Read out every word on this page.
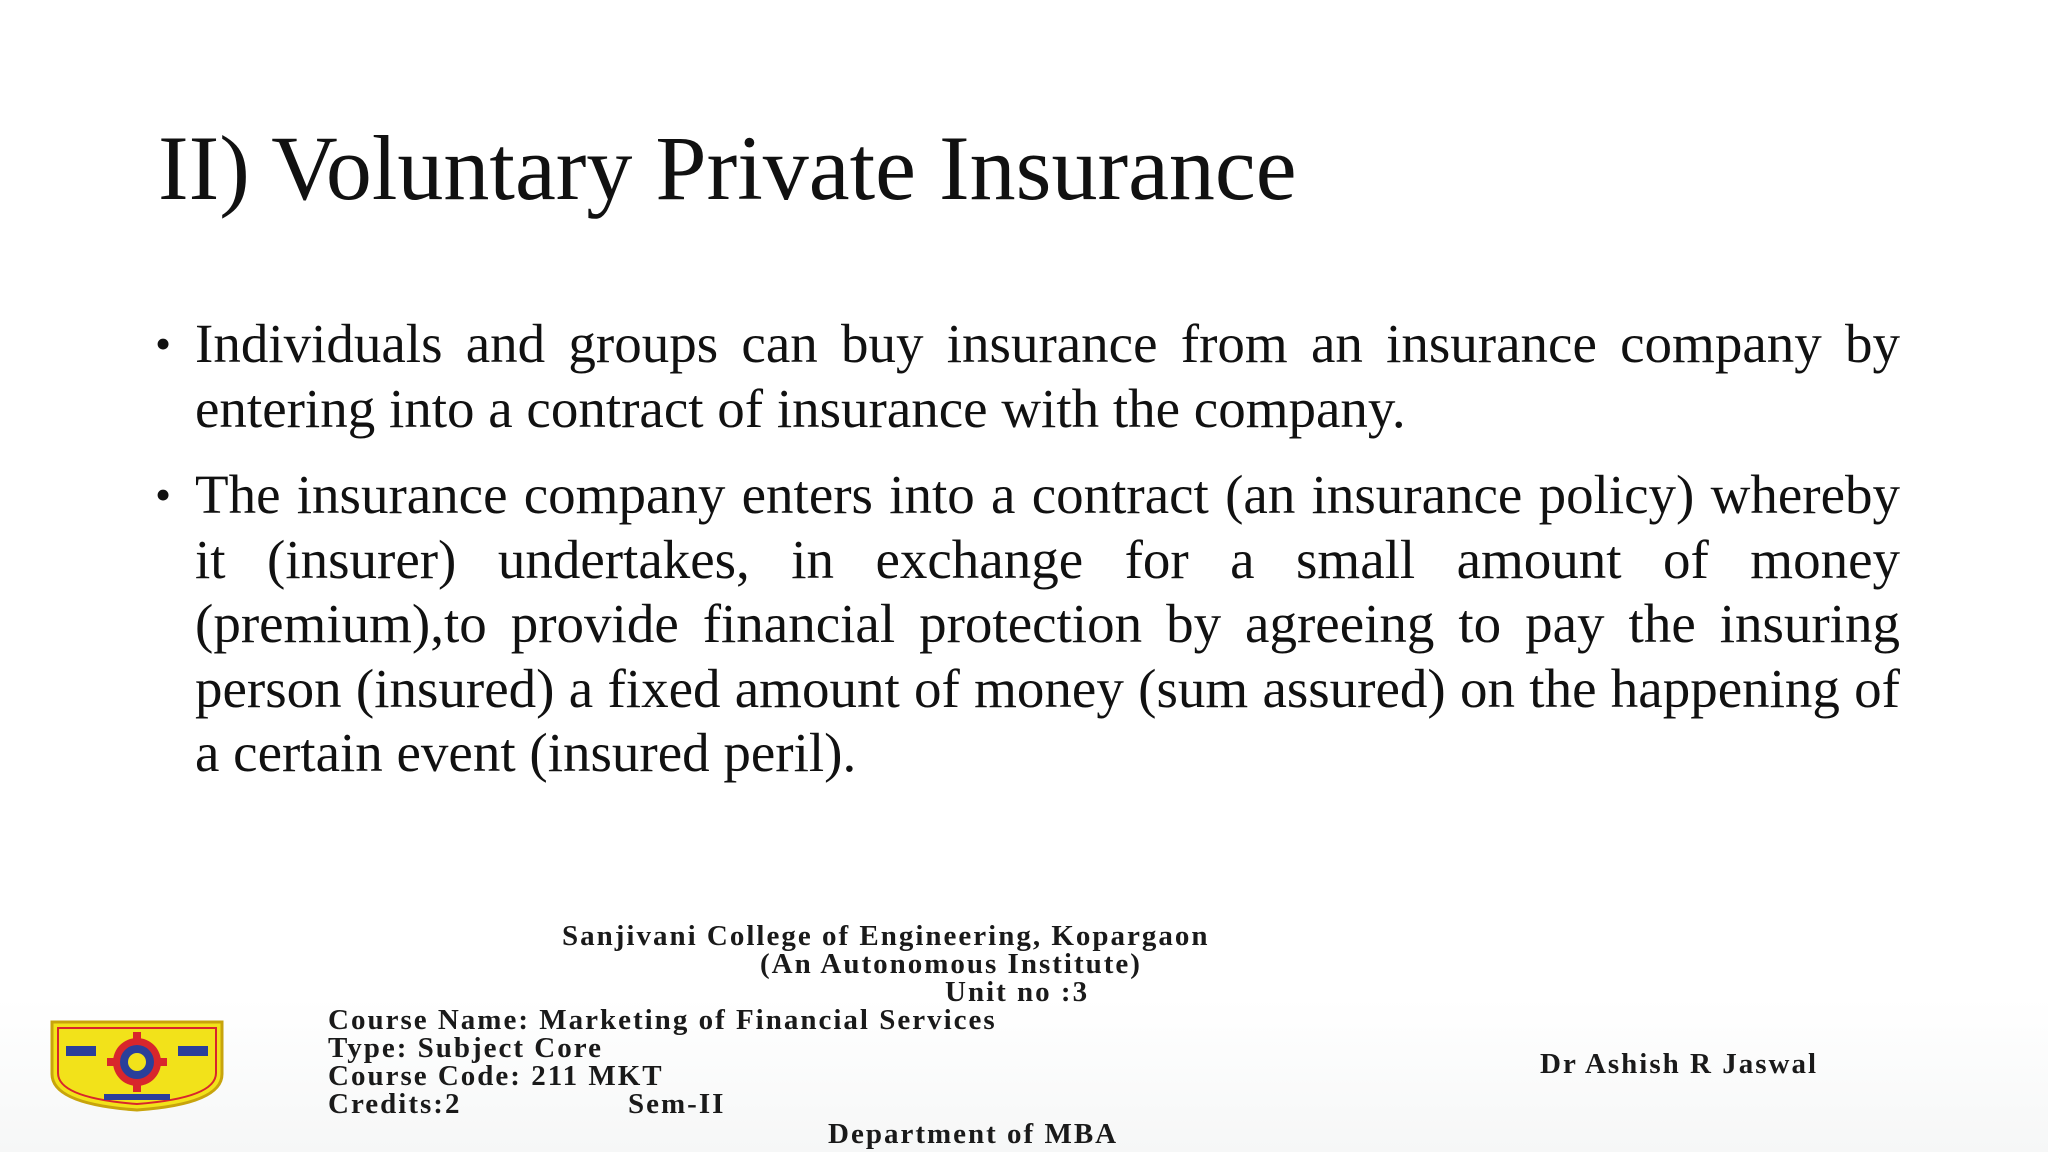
II) Voluntary Private Insurance
• Individuals and groups can buy insurance from an insurance company by entering into a contract of insurance with the company.
• The insurance company enters into a contract (an insurance policy) whereby it (insurer) undertakes, in exchange for a small amount of money (premium),to provide financial protection by agreeing to pay the insuring person (insured) a fixed amount of money (sum assured) on the happening of a certain event (insured peril).
Sanjivani College of Engineering, Kopargaon
(An Autonomous Institute)
Unit no :3
Course Name: Marketing of Financial Services
Type: Subject Core
Course Code: 211 MKT
Credits:2	Sem-II
Department of MBA
Dr Ashish R Jaswal
